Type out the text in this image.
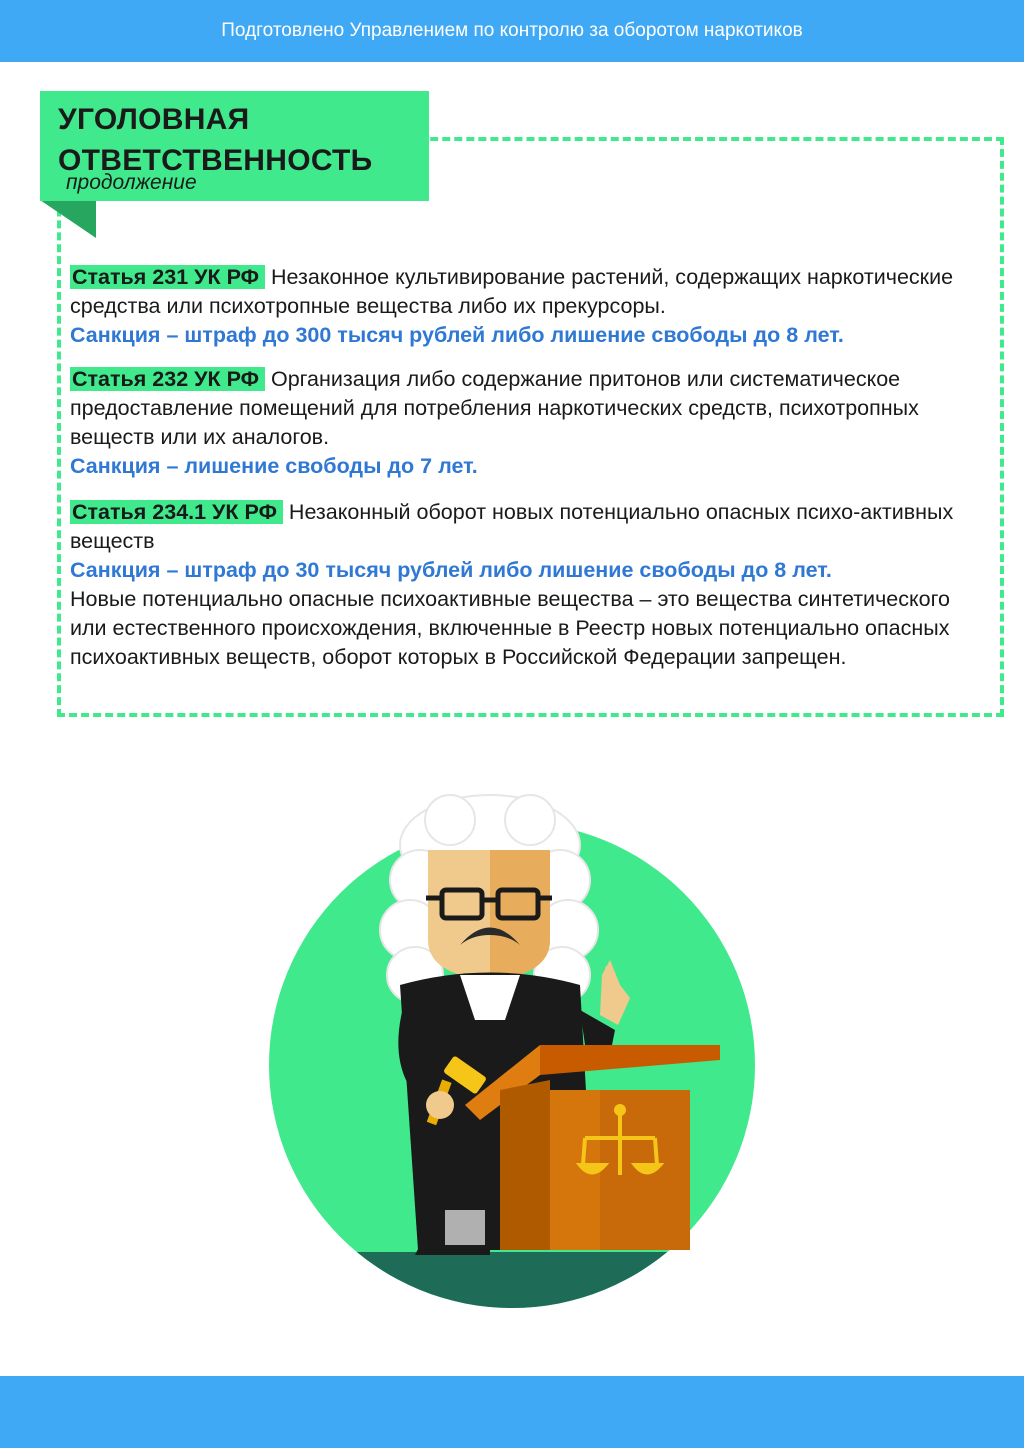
Подготовлено Управлением по контролю за оборотом наркотиков
УГОЛОВНАЯ
ОТВЕТСТВЕННОСТЬ
продолжение
Статья 231 УК РФ Незаконное культивирование растений, содержащих наркотические средства или психотропные вещества либо их прекурсоры.
Санкция – штраф до 300 тысяч рублей либо лишение свободы до 8 лет.
Статья 232 УК РФ Организация либо содержание притонов или систематическое предоставление помещений для потребления наркотических средств, психотропных веществ или их аналогов.
Санкция – лишение свободы до 7 лет.
Статья 234.1 УК РФ Незаконный оборот новых потенциально опасных психо-активных веществ
Санкция – штраф до 30 тысяч рублей либо лишение свободы до 8 лет.
Новые потенциально опасные психоактивные вещества – это вещества синтетического или естественного происхождения, включенные в Реестр новых потенциально опасных психоактивных веществ, оборот которых в Российской Федерации запрещен.
